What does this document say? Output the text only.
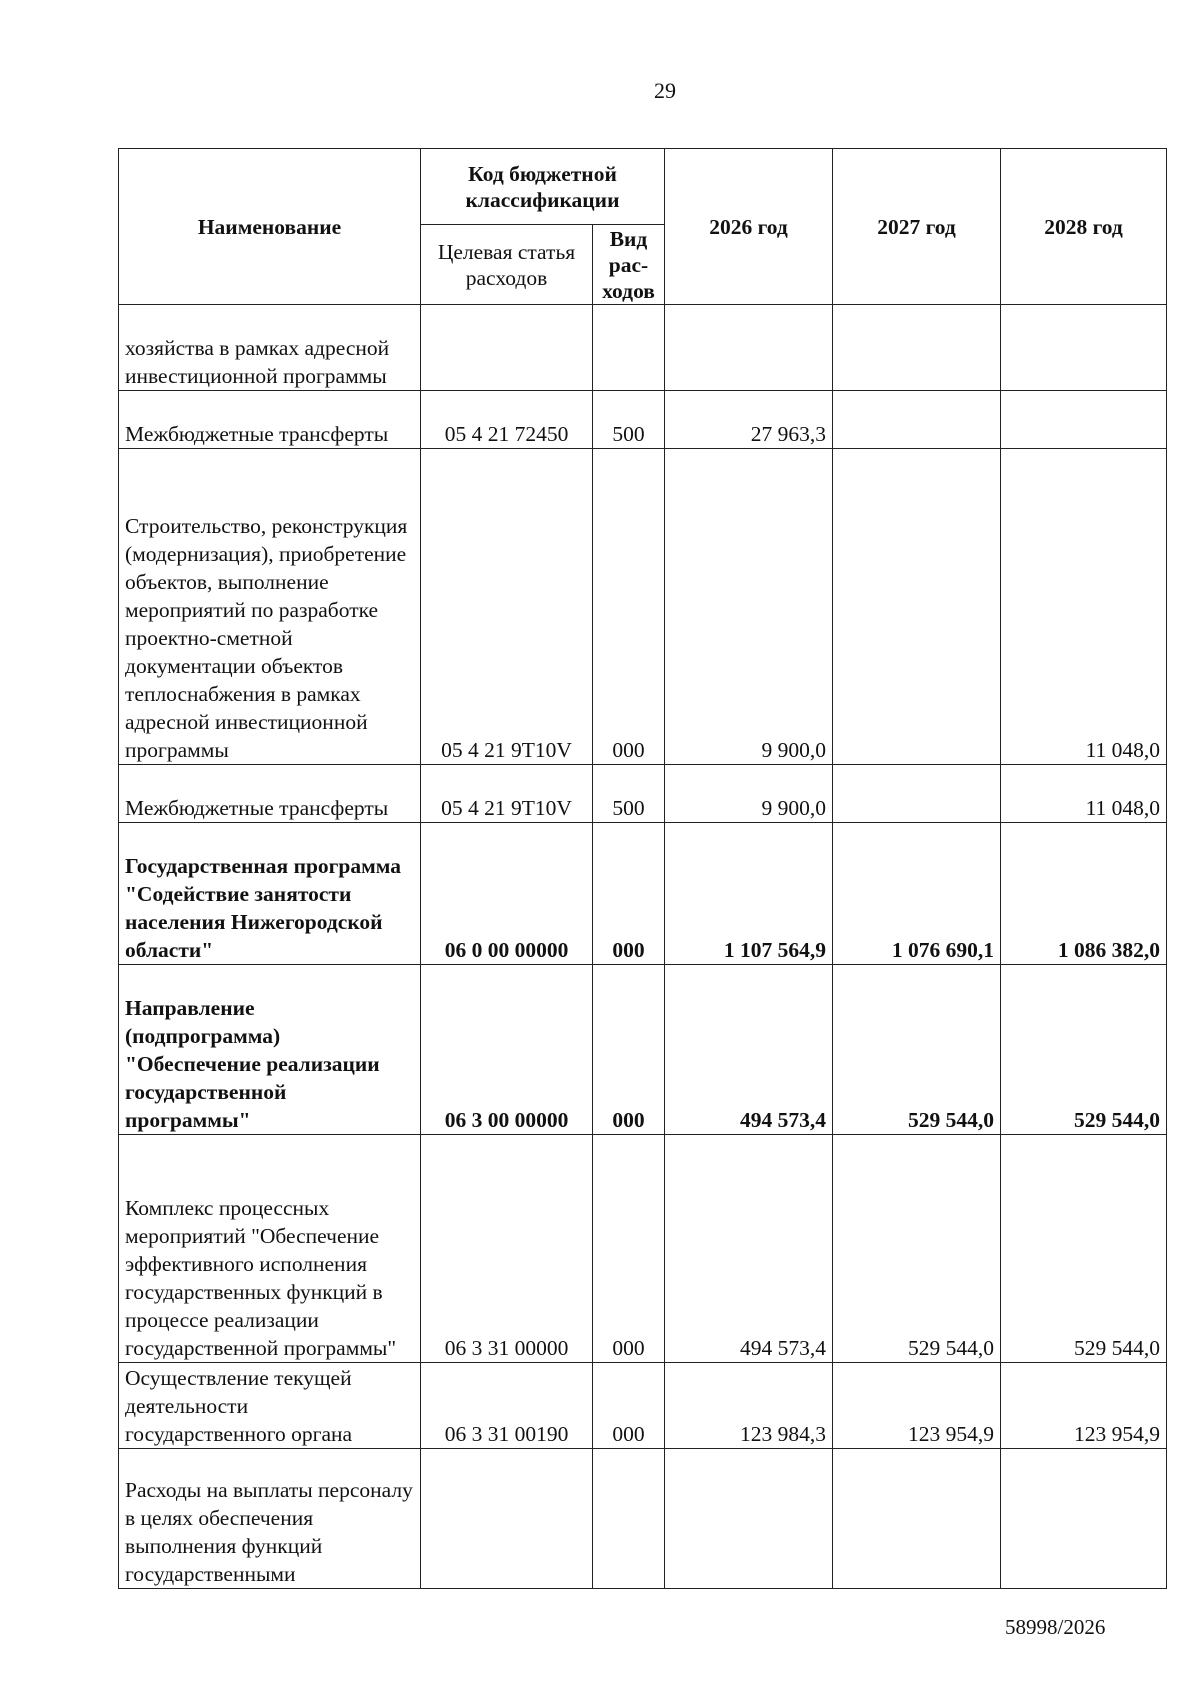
29
Наименование	Код бюджетной классификации		2026 год	2027 год	2028 год
	Целевая статья расходов	Вид рас- ходов			
хозяйства в рамках адресной инвестиционной программы					
Межбюджетные трансферты	05 4 21 72450	500	27 963,3		
Строительство, реконструкция (модернизация), приобретение объектов, выполнение мероприятий по разработке проектно-сметной документации объектов теплоснабжения в рамках адресной инвестиционной программы	05 4 21 9Т10V	000	9 900,0		11 048,0
Межбюджетные трансферты	05 4 21 9Т10V	500	9 900,0		11 048,0
Государственная программа "Содействие занятости населения Нижегородской области"	06 0 00 00000	000	1 107 564,9	1 076 690,1	1 086 382,0
Направление (подпрограмма) "Обеспечение реализации государственной программы"	06 3 00 00000	000	494 573,4	529 544,0	529 544,0
Комплекс процессных мероприятий "Обеспечение эффективного исполнения государственных функций в процессе реализации государственной программы"	06 3 31 00000	000	494 573,4	529 544,0	529 544,0
Осуществление текущей деятельности государственного органа	06 3 31 00190	000	123 984,3	123 954,9	123 954,9
Расходы на выплаты персоналу в целях обеспечения выполнения функций государственными					
58998/2026
